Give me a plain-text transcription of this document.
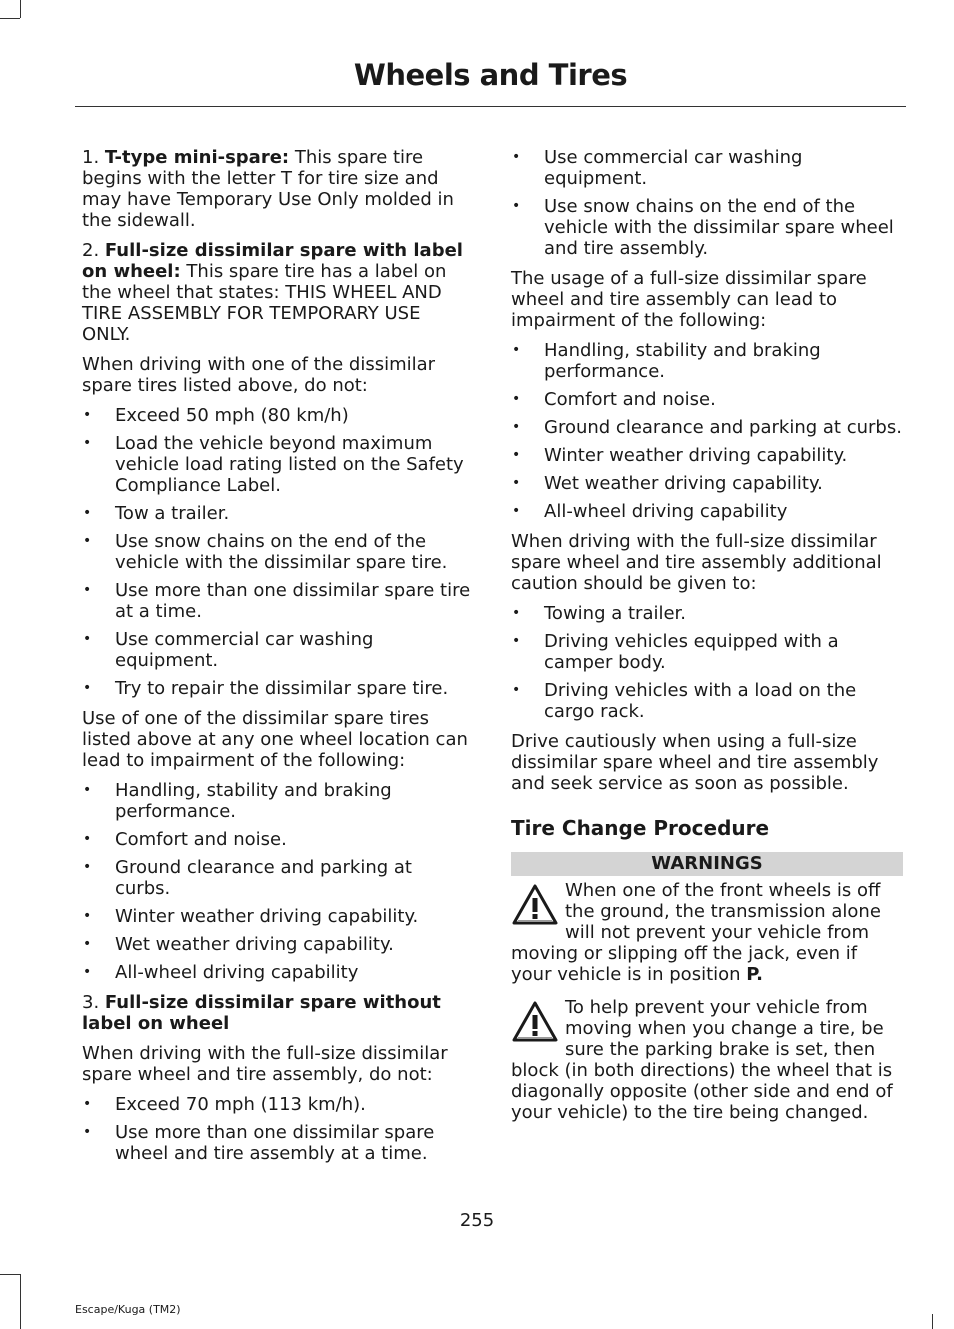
Wheels and Tires

1. T-type mini-spare: This spare tire begins with the letter T for tire size and may have Temporary Use Only molded in the sidewall.

2. Full-size dissimilar spare with label on wheel: This spare tire has a label on the wheel that states: THIS WHEEL AND TIRE ASSEMBLY FOR TEMPORARY USE ONLY.

When driving with one of the dissimilar spare tires listed above, do not:

• Exceed 50 mph (80 km/h)
• Load the vehicle beyond maximum vehicle load rating listed on the Safety Compliance Label.
• Tow a trailer.
• Use snow chains on the end of the vehicle with the dissimilar spare tire.
• Use more than one dissimilar spare tire at a time.
• Use commercial car washing equipment.
• Try to repair the dissimilar spare tire.

Use of one of the dissimilar spare tires listed above at any one wheel location can lead to impairment of the following:

• Handling, stability and braking performance.
• Comfort and noise.
• Ground clearance and parking at curbs.
• Winter weather driving capability.
• Wet weather driving capability.
• All-wheel driving capability

3. Full-size dissimilar spare without label on wheel

When driving with the full-size dissimilar spare wheel and tire assembly, do not:

• Exceed 70 mph (113 km/h).
• Use more than one dissimilar spare wheel and tire assembly at a time.
• Use commercial car washing equipment.
• Use snow chains on the end of the vehicle with the dissimilar spare wheel and tire assembly.

The usage of a full-size dissimilar spare wheel and tire assembly can lead to impairment of the following:

• Handling, stability and braking performance.
• Comfort and noise.
• Ground clearance and parking at curbs.
• Winter weather driving capability.
• Wet weather driving capability.
• All-wheel driving capability

When driving with the full-size dissimilar spare wheel and tire assembly additional caution should be given to:

• Towing a trailer.
• Driving vehicles equipped with a camper body.
• Driving vehicles with a load on the cargo rack.

Drive cautiously when using a full-size dissimilar spare wheel and tire assembly and seek service as soon as possible.

Tire Change Procedure
WARNINGS
When one of the front wheels is off the ground, the transmission alone will not prevent your vehicle from moving or slipping off the jack, even if your vehicle is in position P.
To help prevent your vehicle from moving when you change a tire, be sure the parking brake is set, then block (in both directions) the wheel that is diagonally opposite (other side and end of your vehicle) to the tire being changed.
255
Escape/Kuga (TM2)
